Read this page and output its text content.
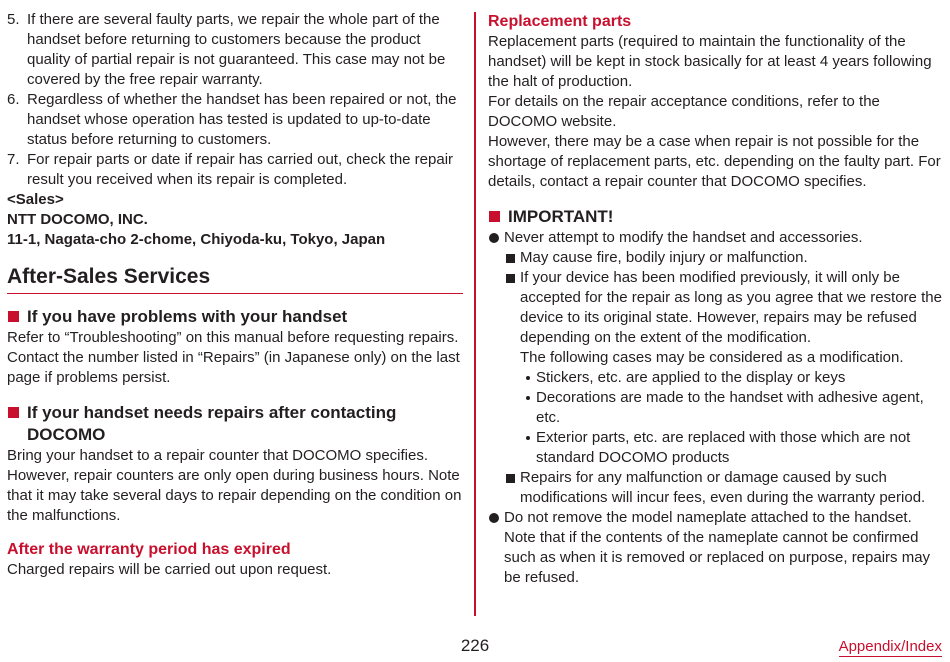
5. If there are several faulty parts, we repair the whole part of the handset before returning to customers because the product quality of partial repair is not guaranteed. This case may not be covered by the free repair warranty.
6. Regardless of whether the handset has been repaired or not, the handset whose operation has tested is updated to up-to-date status before returning to customers.
7. For repair parts or date if repair has carried out, check the repair result you received when its repair is completed.

<Sales>

NTT DOCOMO, INC.

11-1, Nagata-cho 2-chome, Chiyoda-ku, Tokyo, Japan

After-Sales Services
If you have problems with your handset

Refer to “Troubleshooting” on this manual before requesting repairs. Contact the number listed in “Repairs” (in Japanese only) on the last page if problems persist.

If your handset needs repairs after contacting DOCOMO

Bring your handset to a repair counter that DOCOMO specifies. However, repair counters are only open during business hours. Note that it may take several days to repair depending on the condition on the malfunctions.

After the warranty period has expired

Charged repairs will be carried out upon request.

Replacement parts

Replacement parts (required to maintain the functionality of the handset) will be kept in stock basically for at least 4 years following the halt of production.

For details on the repair acceptance conditions, refer to the DOCOMO website.

However, there may be a case when repair is not possible for the shortage of replacement parts, etc. depending on the faulty part. For details, contact a repair counter that DOCOMO specifies.

IMPORTANT!
Never attempt to modify the handset and accessories.
May cause fire, bodily injury or malfunction.
If your device has been modified previously, it will only be accepted for the repair as long as you agree that we restore the device to its original state. However, repairs may be refused depending on the extent of the modification.
The following cases may be considered as a modification.
Stickers, etc. are applied to the display or keys
Decorations are made to the handset with adhesive agent, etc.
Exterior parts, etc. are replaced with those which are not standard DOCOMO products
Repairs for any malfunction or damage caused by such modifications will incur fees, even during the warranty period.
Do not remove the model nameplate attached to the handset. Note that if the contents of the nameplate cannot be confirmed such as when it is removed or replaced on purpose, repairs may be refused.
226	Appendix/Index
